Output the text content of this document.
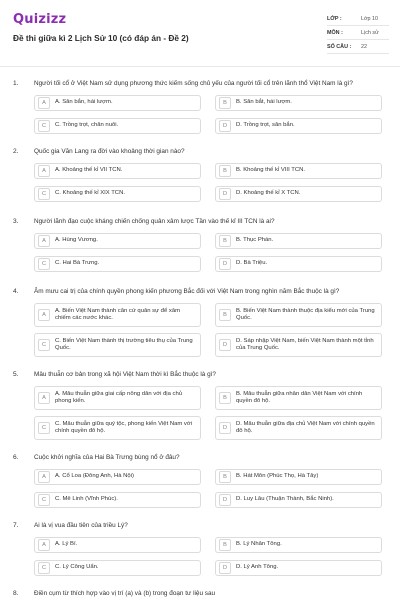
Quizizz
Đề thi giữa kì 2 Lịch Sử 10 (có đáp án - Đề 2)
LỚP :	Lớp 10
MÔN :	Lịch sử
SỐ CÂU :	22
1. Người tối cổ ở Việt Nam sử dụng phương thức kiếm sống chủ yếu của người tối cổ trên lãnh thổ Việt Nam là gì?
A	A. Săn bắn, hái lượm.	B	B. Săn bắt, hái lượm.
C	C. Trồng trọt, chăn nuôi.	D	D. Trồng trọt, săn bắn.
2. Quốc gia Văn Lang ra đời vào khoảng thời gian nào?
A	A. Khoảng thế kỉ VII TCN.	B	B. Khoảng thế kỉ VIII TCN.
C	C. Khoảng thế kỉ XIX TCN.	D	D. Khoảng thế kỉ X TCN.
3. Người lãnh đạo cuộc kháng chiến chống quân xâm lược Tần vào thế kỉ III TCN là ai?
A	A. Hùng Vương.	B	B. Thục Phán.
C	C. Hai Bà Trưng.	D	D. Bà Triệu.
4. Âm mưu cai trị của chính quyền phong kiến phương Bắc đối với Việt Nam trong nghìn năm Bắc thuộc là gì?
A
A. Biến Việt Nam thành căn cứ quân sự để xâm chiếm các nước khác.	B
B. Biến Việt Nam thành thuộc địa kiểu mới của Trung Quốc.
C
C. Biến Việt Nam thành thị trường tiêu thụ của Trung Quốc.	D
D. Sáp nhập Việt Nam, biến Việt Nam thành một tỉnh của Trung Quốc.
5. Mâu thuẫn cơ bản trong xã hội Việt Nam thời kì Bắc thuộc là gì?
A
A. Mâu thuẫn giữa giai cấp nông dân với địa chủ phong kiến.	B
B. Mâu thuẫn giữa nhân dân Việt Nam với chính quyền đô hộ.
C
C. Mâu thuẫn giữa quý tộc, phong kiến Việt Nam với chính quyền đô hộ.	D
D. Mâu thuẫn giữa địa chủ Việt Nam với chính quyền đô hộ.
6. Cuộc khởi nghĩa của Hai Bà Trưng bùng nổ ở đâu?
A	A. Cổ Loa (Đông Anh, Hà Nội)	B	B. Hát Môn (Phúc Thọ, Hà Tây)
C	C. Mê Linh (Vĩnh Phúc).	D	D. Luy Lâu (Thuận Thành, Bắc Ninh).
7. Ai là vị vua đầu tiên của triều Lý?
A	A. Lý Bí.	B	B. Lý Nhân Tông.
C	C. Lý Công Uẩn.	D	D. Lý Anh Tông.
8. Điền cụm từ thích hợp vào vị trí (a) và (b) trong đoạn tư liệu sau
